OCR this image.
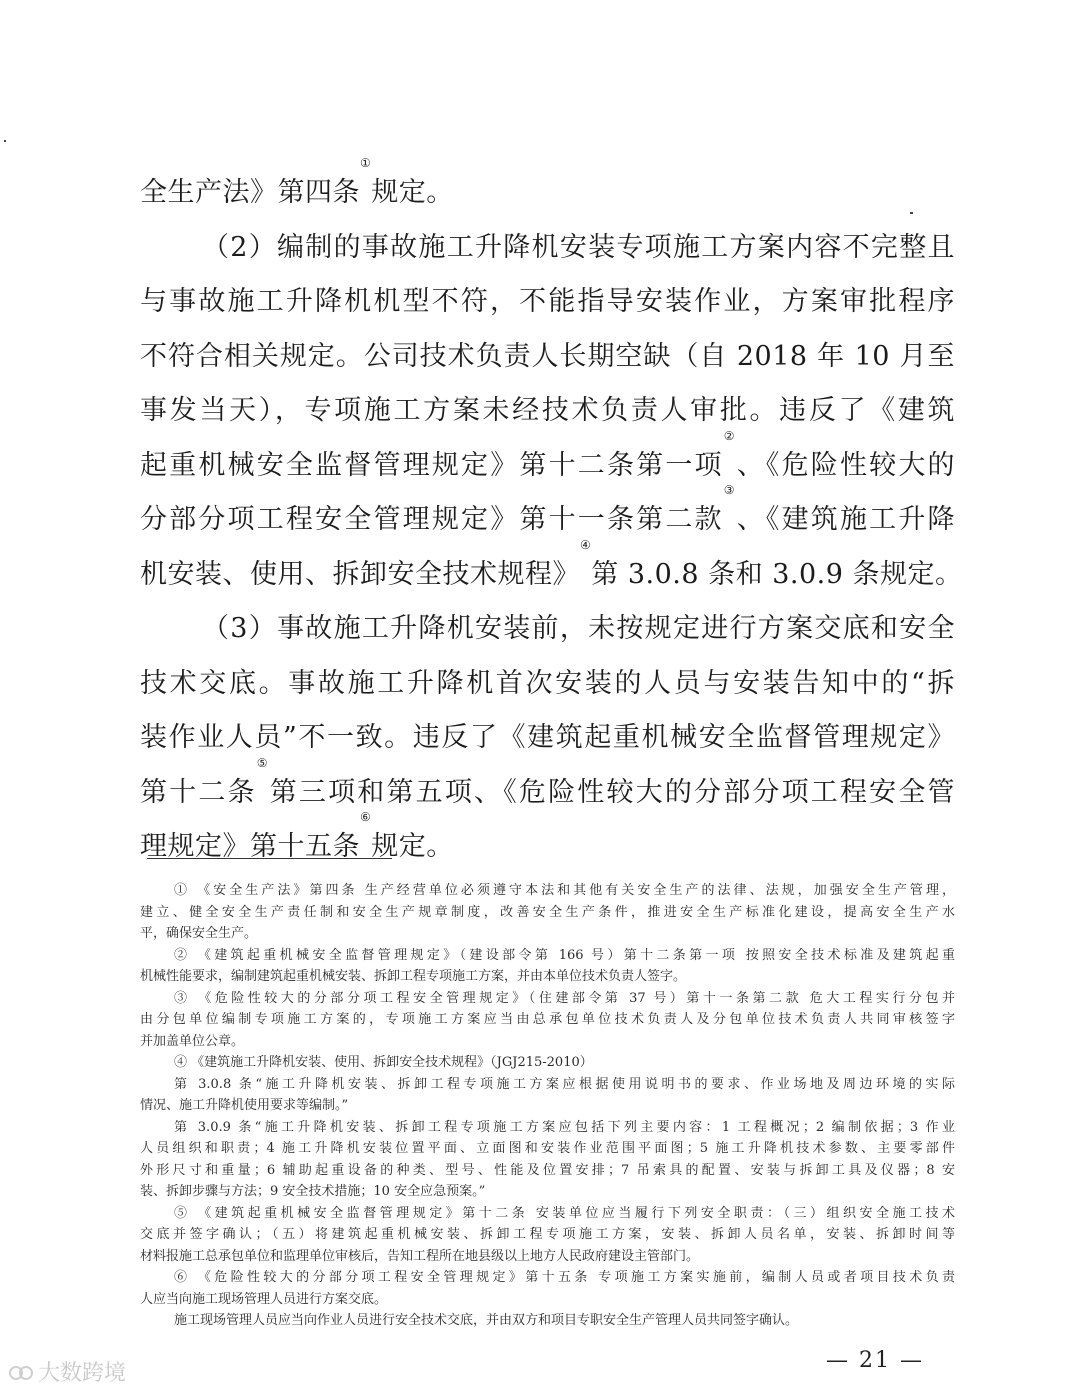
全生产法》第四条①规定。
（2）编制的事故施工升降机安装专项施工方案内容不完整且
与事故施工升降机机型不符，不能指导安装作业，方案审批程序
不符合相关规定。公司技术负责人长期空缺（自 2018 年 10 月至
事发当天），专项施工方案未经技术负责人审批。违反了《建筑
起重机械安全监督管理规定》第十二条第一项②、《危险性较大的
分部分项工程安全管理规定》第十一条第二款③、《建筑施工升降
机安装、使用、拆卸安全技术规程》④第 3.0.8 条和 3.0.9 条规定。
（3）事故施工升降机安装前，未按规定进行方案交底和安全
技术交底。事故施工升降机首次安装的人员与安装告知中的“拆
装作业人员”不一致。违反了《建筑起重机械安全监督管理规定》
第十二条⑤第三项和第五项、《危险性较大的分部分项工程安全管
理规定》第十五条⑥规定。
① 《安全生产法》第四条 生产经营单位必须遵守本法和其他有关安全生产的法律、法规，加强安全生产管理，
建立、健全安全生产责任制和安全生产规章制度，改善安全生产条件，推进安全生产标准化建设，提高安全生产水
平，确保安全生产。
② 《建筑起重机械安全监督管理规定》（建设部令第 166 号）第十二条第一项 按照安全技术标准及建筑起重
机械性能要求，编制建筑起重机械安装、拆卸工程专项施工方案，并由本单位技术负责人签字。
③ 《危险性较大的分部分项工程安全管理规定》（住建部令第 37 号）第十一条第二款 危大工程实行分包并
由分包单位编制专项施工方案的，专项施工方案应当由总承包单位技术负责人及分包单位技术负责人共同审核签字
并加盖单位公章。
④ 《建筑施工升降机安装、使用、拆卸安全技术规程》（JGJ215-2010）
第 3.0.8 条“施工升降机安装、拆卸工程专项施工方案应根据使用说明书的要求、作业场地及周边环境的实际
情况、施工升降机使用要求等编制。”
第 3.0.9 条“施工升降机安装、拆卸工程专项施工方案应包括下列主要内容：1 工程概况；2 编制依据；3 作业
人员组织和职责；4 施工升降机安装位置平面、立面图和安装作业范围平面图；5 施工升降机技术参数、主要零部件
外形尺寸和重量；6 辅助起重设备的种类、型号、性能及位置安排；7 吊索具的配置、安装与拆卸工具及仪器；8 安
装、拆卸步骤与方法；9 安全技术措施；10 安全应急预案。”
⑤ 《建筑起重机械安全监督管理规定》第十二条 安装单位应当履行下列安全职责：（三）组织安全施工技术
交底并签字确认；（五）将建筑起重机械安装、拆卸工程专项施工方案，安装、拆卸人员名单，安装、拆卸时间等
材料报施工总承包单位和监理单位审核后，告知工程所在地县级以上地方人民政府建设主管部门。
⑥ 《危险性较大的分部分项工程安全管理规定》第十五条 专项施工方案实施前，编制人员或者项目技术负责
人应当向施工现场管理人员进行方案交底。
施工现场管理人员应当向作业人员进行安全技术交底，并由双方和项目专职安全生产管理人员共同签字确认。
大数跨境
— 21 —
